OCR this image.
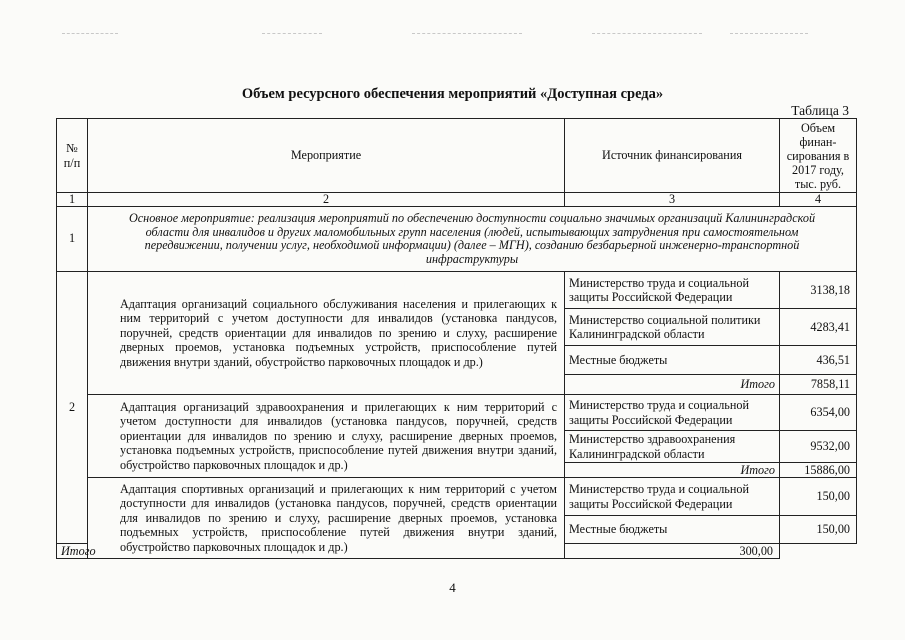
Объем ресурсного обеспечения мероприятий «Доступная среда»
Таблица 3
№ п/п	Мероприятие	Источник финансирования	Объем финан-сирования в 2017 году, тыс. руб.
1	2	3	4
1	Основное мероприятие: реализация мероприятий по обеспечению доступности социально значимых организаций Калининградской области для инвалидов и других маломобильных групп населения (людей, испытывающих затруднения при самостоятельном передвижении, получении услуг, необходимой информации) (далее – МГН), созданию безбарьерной инженерно-транспортной инфраструктуры		
2	Адаптация организаций социального обслуживания населения и прилегающих к ним территорий с учетом доступности для инвалидов (установка пандусов, поручней, средств ориентации для инвалидов по зрению и слуху, расширение дверных проемов, установка подъемных устройств, приспособление путей движения внутри зданий, обустройство парковочных площадок и др.)	Министерство труда и социальной защиты Российской Федерации	3138,18
		Министерство социальной политики Калининградской области	4283,41
		Местные бюджеты	436,51
		Итого	7858,11
	Адаптация организаций здравоохранения и прилегающих к ним территорий с учетом доступности для инвалидов (установка пандусов, поручней, средств ориентации для инвалидов по зрению и слуху, расширение дверных проемов, установка подъемных устройств, приспособление путей движения внутри зданий, обустройство парковочных площадок и др.)	Министерство труда и социальной защиты Российской Федерации	6354,00
		Министерство здравоохранения Калининградской области	9532,00
		Итого	15886,00
	Адаптация спортивных организаций и прилегающих к ним территорий с учетом доступности для инвалидов (установка пандусов, поручней, средств ориентации для инвалидов по зрению и слуху, расширение дверных проемов, установка подъемных устройств, приспособление путей движения внутри зданий, обустройство парковочных площадок и др.)	Министерство труда и социальной защиты Российской Федерации	150,00
		Местные бюджеты	150,00
Итого		300,00	
4
